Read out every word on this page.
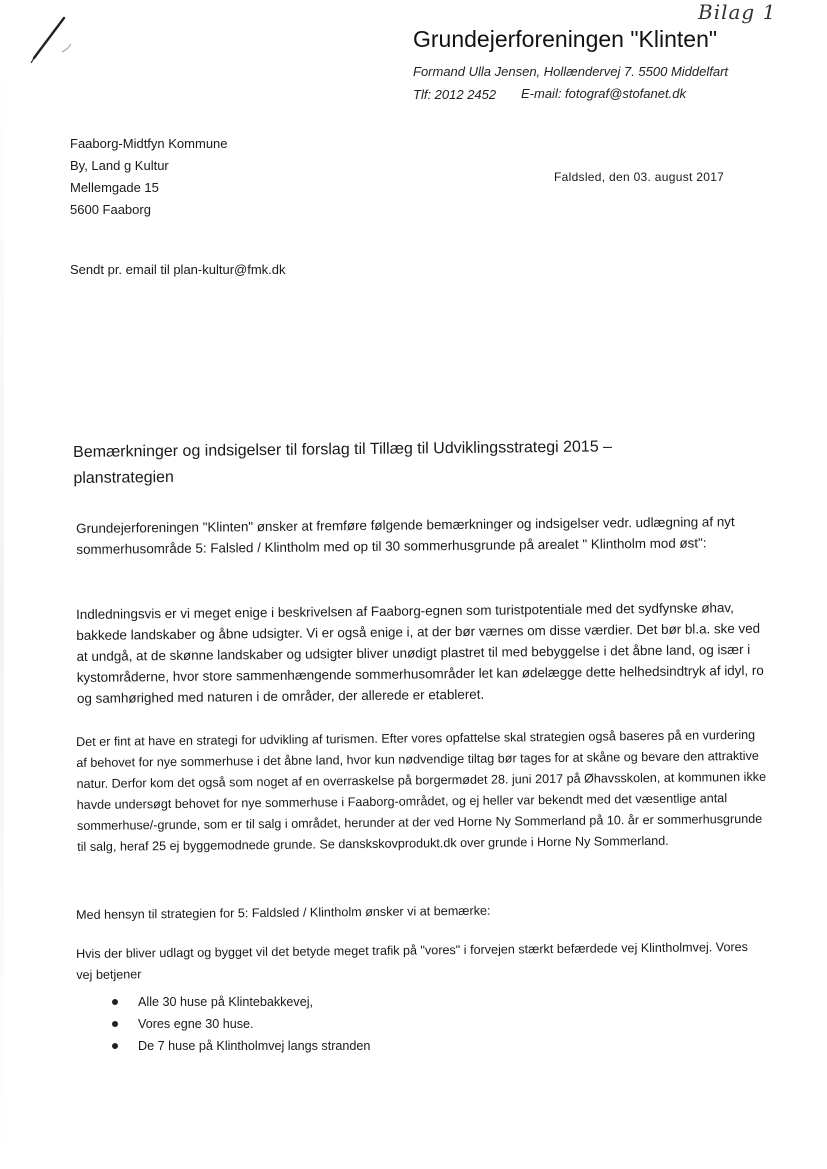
Bilag 1
Grundejerforeningen "Klinten"
Formand Ulla Jensen, Hollændervej 7. 5500 Middelfart
Tlf: 2012 2452 E-mail: fotograf@stofanet.dk
Faaborg-Midtfyn Kommune
By, Land g Kultur
Mellemgade 15
5600 Faaborg
Faldsled, den 03. august 2017
Sendt pr. email til plan-kultur@fmk.dk
Bemærkninger og indsigelser til forslag til Tillæg til Udviklingsstrategi 2015 – planstrategien
Grundejerforeningen "Klinten" ønsker at fremføre følgende bemærkninger og indsigelser vedr. udlægning af nyt sommerhusområde 5: Falsled / Klintholm med op til 30 sommerhusgrunde på arealet " Klintholm mod øst":
Indledningsvis er vi meget enige i beskrivelsen af Faaborg-egnen som turistpotentiale med det sydfynske øhav, bakkede landskaber og åbne udsigter. Vi er også enige i, at der bør værnes om disse værdier. Det bør bl.a. ske ved at undgå, at de skønne landskaber og udsigter bliver unødigt plastret til med bebyggelse i det åbne land, og især i kystområderne, hvor store sammenhængende sommerhusområder let kan ødelægge dette helhedsindtryk af idyl, ro og samhørighed med naturen i de områder, der allerede er etableret.
Det er fint at have en strategi for udvikling af turismen. Efter vores opfattelse skal strategien også baseres på en vurdering af behovet for nye sommerhuse i det åbne land, hvor kun nødvendige tiltag bør tages for at skåne og bevare den attraktive natur. Derfor kom det også som noget af en overraskelse på borgermødet 28. juni 2017 på Øhavsskolen, at kommunen ikke havde undersøgt behovet for nye sommerhuse i Faaborg-området, og ej heller var bekendt med det væsentlige antal sommerhuse/-grunde, som er til salg i området, herunder at der ved Horne Ny Sommerland på 10. år er sommerhusgrunde til salg, heraf 25 ej byggemodnede grunde. Se danskskovprodukt.dk over grunde i Horne Ny Sommerland.
Med hensyn til strategien for 5: Faldsled / Klintholm ønsker vi at bemærke:
Hvis der bliver udlagt og bygget vil det betyde meget trafik på "vores" i forvejen stærkt befærdede vej Klintholmvej. Vores vej betjener
Alle 30 huse på Klintebakkevej,
Vores egne 30 huse.
De 7 huse på Klintholmvej langs stranden
